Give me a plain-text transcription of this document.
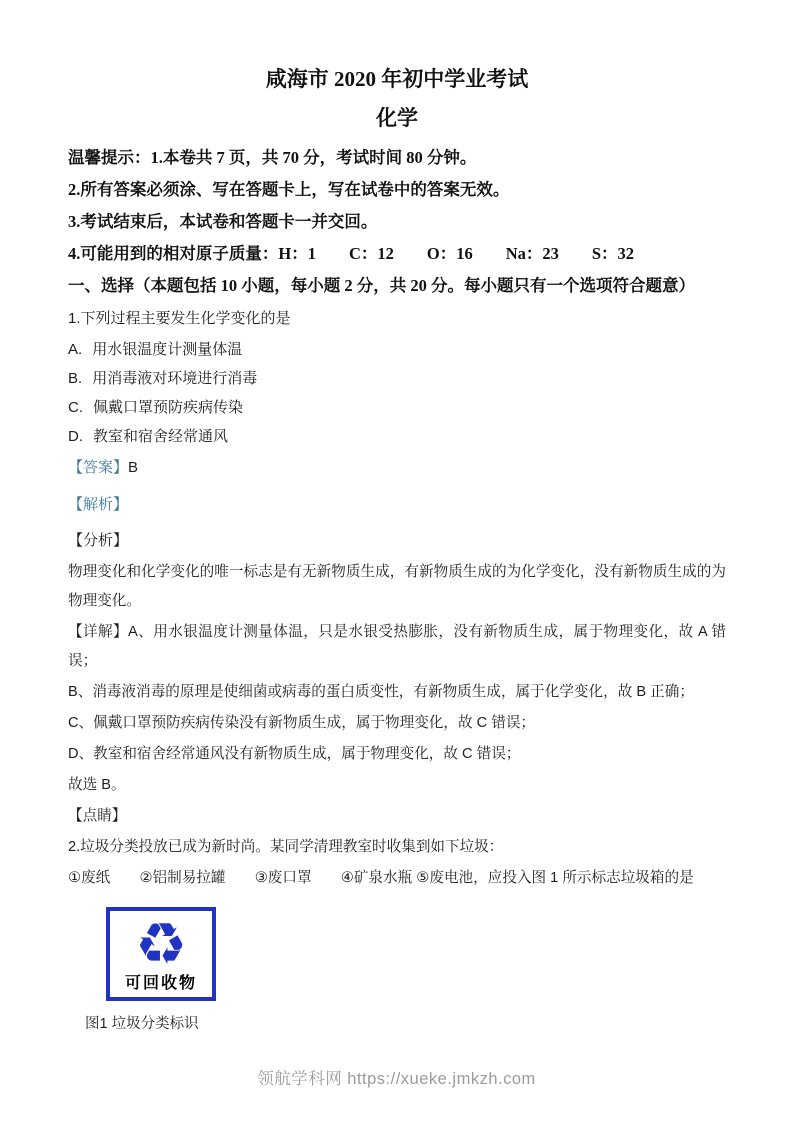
咸海市 2020 年初中学业考试
化学

温馨提示：1.本卷共 7 页，共 70 分，考试时间 80 分钟。

2.所有答案必须涂、写在答题卡上，写在试卷中的答案无效。

3.考试结束后，本试卷和答题卡一并交回。

4.可能用到的相对原子质量：H：1　　C：12　　O：16　　Na：23　　S：32

一、选择（本题包括 10 小题，每小题 2 分，共 20 分。每小题只有一个选项符合题意）

1.下列过程主要发生化学变化的是

A. 用水银温度计测量体温

B. 用消毒液对环境进行消毒

C. 佩戴口罩预防疾病传染

D. 教室和宿舍经常通风

【答案】B

【解析】

【分析】

物理变化和化学变化的唯一标志是有无新物质生成，有新物质生成的为化学变化，没有新物质生成的为物理变化。

【详解】A、用水银温度计测量体温，只是水银受热膨胀，没有新物质生成，属于物理变化，故 A 错误；

B、消毒液消毒的原理是使细菌或病毒的蛋白质变性，有新物质生成，属于化学变化，故 B 正确；

C、佩戴口罩预防疾病传染没有新物质生成，属于物理变化，故 C 错误；

D、教室和宿舍经常通风没有新物质生成，属于物理变化，故 C 错误；

故选 B。

【点睛】

2.垃圾分类投放已成为新时尚。某同学清理教室时收集到如下垃圾：

①废纸　　②铝制易拉罐　　③废口罩　　④矿泉水瓶 ⑤废电池，应投入图 1 所示标志垃圾箱的是

♻
可回收物

图1 垃圾分类标识

领航学科网 https://xueke.jmkzh.com
